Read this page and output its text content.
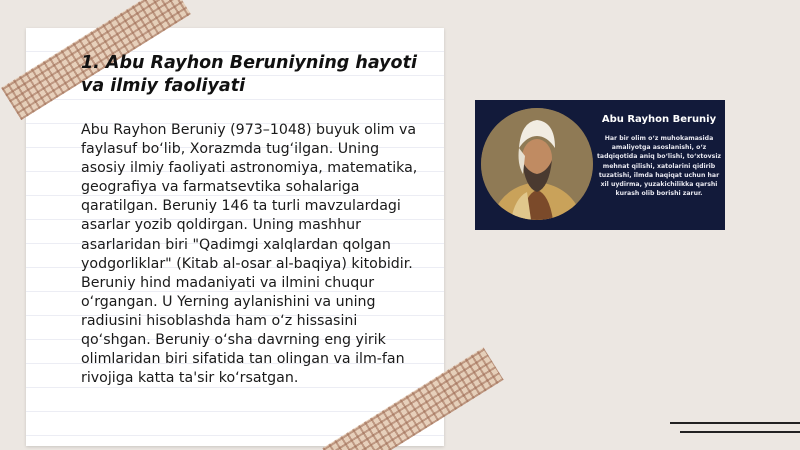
1. Abu Rayhon Beruniyning hayoti va ilmiy faoliyati

Abu Rayhon Beruniy (973–1048) buyuk olim va faylasuf bo‘lib, Xorazmda tug‘ilgan. Uning asosiy ilmiy faoliyati astronomiya, matematika, geografiya va farmatsevtika sohalariga qaratilgan. Beruniy 146 ta turli mavzulardagi asarlar yozib qoldirgan. Uning mashhur asarlaridan biri "Qadimgi xalqlardan qolgan yodgorliklar" (Kitab al-osar al-baqiya) kitobidir. Beruniy hind madaniyati va ilmini chuqur o‘rgangan. U Yerning aylanishini va uning radiusini hisoblashda ham o‘z hissasini qo‘shgan. Beruniy o‘sha davrning eng yirik olimlaridan biri sifatida tan olingan va ilm-fan rivojiga katta ta'sir ko‘rsatgan.

Abu Rayhon Beruniy
Har bir olim o‘z muhokamasida amaliyotga asoslanishi, o‘z tadqiqotida aniq bo‘lishi, to‘xtovsiz mehnat qilishi, xatolarini qidirib tuzatishi, ilmda haqiqat uchun har xil uydirma, yuzakichilikka qarshi kurash olib borishi zarur.
